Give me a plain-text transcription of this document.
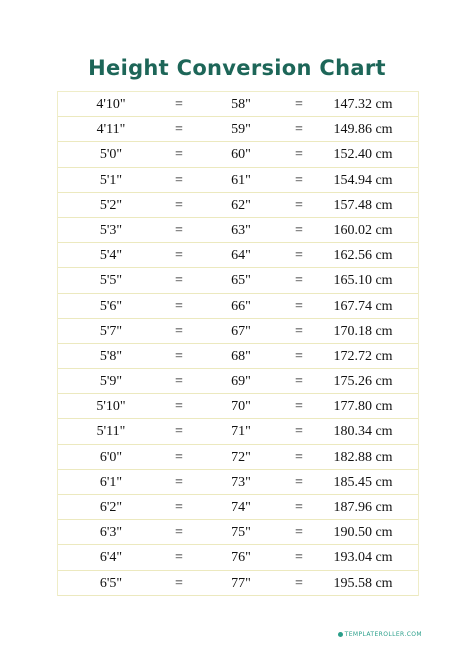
Height Conversion Chart
4'10"	=	58"	=	147.32 cm
4'11"	=	59"	=	149.86 cm
5'0"	=	60"	=	152.40 cm
5'1"	=	61"	=	154.94 cm
5'2"	=	62"	=	157.48 cm
5'3"	=	63"	=	160.02 cm
5'4"	=	64"	=	162.56 cm
5'5"	=	65"	=	165.10 cm
5'6"	=	66"	=	167.74 cm
5'7"	=	67"	=	170.18 cm
5'8"	=	68"	=	172.72 cm
5'9"	=	69"	=	175.26 cm
5'10"	=	70"	=	177.80 cm
5'11"	=	71"	=	180.34 cm
6'0"	=	72"	=	182.88 cm
6'1"	=	73"	=	185.45 cm
6'2"	=	74"	=	187.96 cm
6'3"	=	75"	=	190.50 cm
6'4"	=	76"	=	193.04 cm
6'5"	=	77"	=	195.58 cm
TEMPLATEROLLER.COM
